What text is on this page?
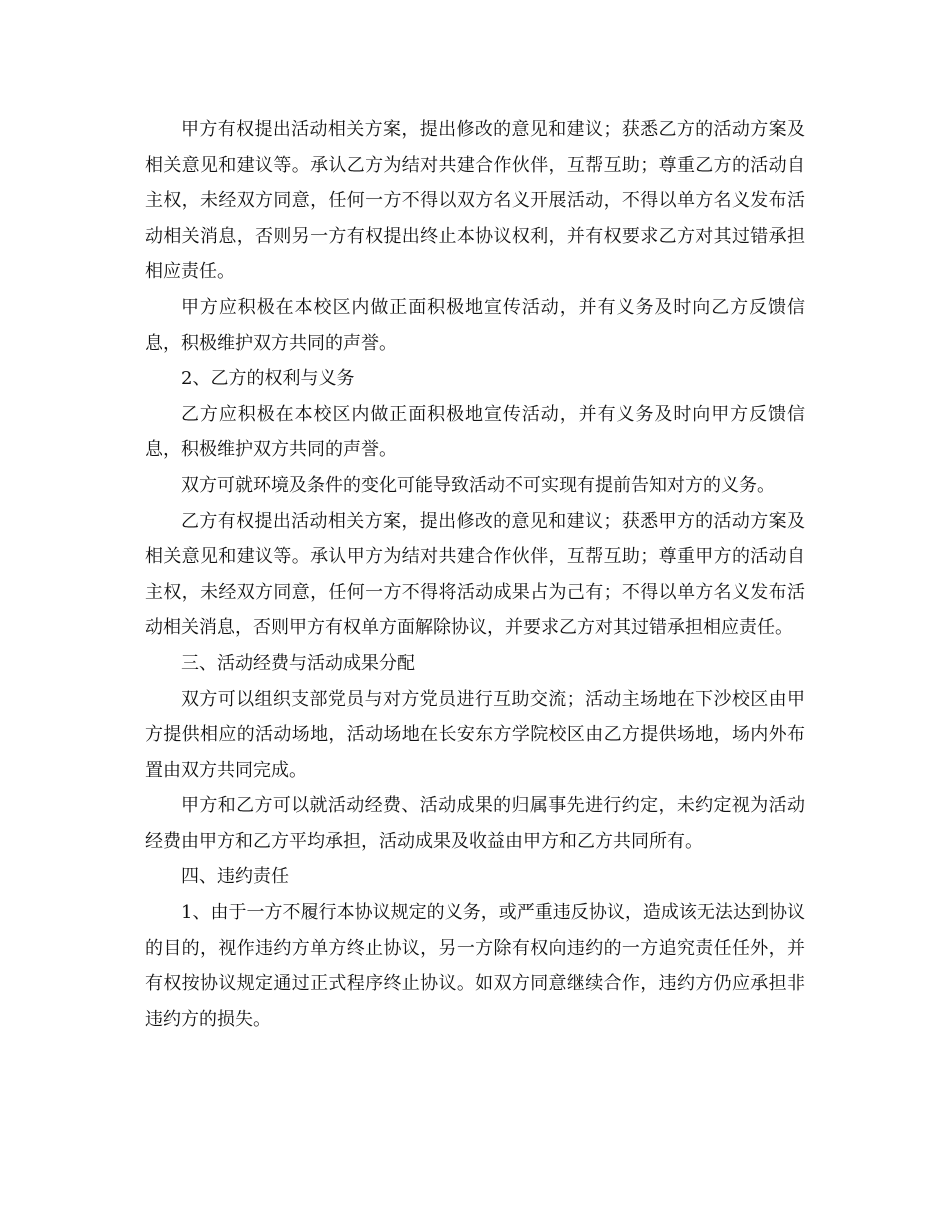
甲方有权提出活动相关方案，提出修改的意见和建议；获悉乙方的活动方案及相关意见和建议等。承认乙方为结对共建合作伙伴，互帮互助；尊重乙方的活动自主权，未经双方同意，任何一方不得以双方名义开展活动，不得以单方名义发布活动相关消息，否则另一方有权提出终止本协议权利，并有权要求乙方对其过错承担相应责任。

甲方应积极在本校区内做正面积极地宣传活动，并有义务及时向乙方反馈信息，积极维护双方共同的声誉。

2、乙方的权利与义务

乙方应积极在本校区内做正面积极地宣传活动，并有义务及时向甲方反馈信息，积极维护双方共同的声誉。

双方可就环境及条件的变化可能导致活动不可实现有提前告知对方的义务。

乙方有权提出活动相关方案，提出修改的意见和建议；获悉甲方的活动方案及相关意见和建议等。承认甲方为结对共建合作伙伴，互帮互助；尊重甲方的活动自主权，未经双方同意，任何一方不得将活动成果占为己有；不得以单方名义发布活动相关消息，否则甲方有权单方面解除协议，并要求乙方对其过错承担相应责任。

三、活动经费与活动成果分配

双方可以组织支部党员与对方党员进行互助交流；活动主场地在下沙校区由甲方提供相应的活动场地，活动场地在长安东方学院校区由乙方提供场地，场内外布置由双方共同完成。

甲方和乙方可以就活动经费、活动成果的归属事先进行约定，未约定视为活动经费由甲方和乙方平均承担，活动成果及收益由甲方和乙方共同所有。

四、违约责任

1、由于一方不履行本协议规定的义务，或严重违反协议，造成该无法达到协议的目的，视作违约方单方终止协议，另一方除有权向违约的一方追究责任任外，并有权按协议规定通过正式程序终止协议。如双方同意继续合作，违约方仍应承担非违约方的损失。
